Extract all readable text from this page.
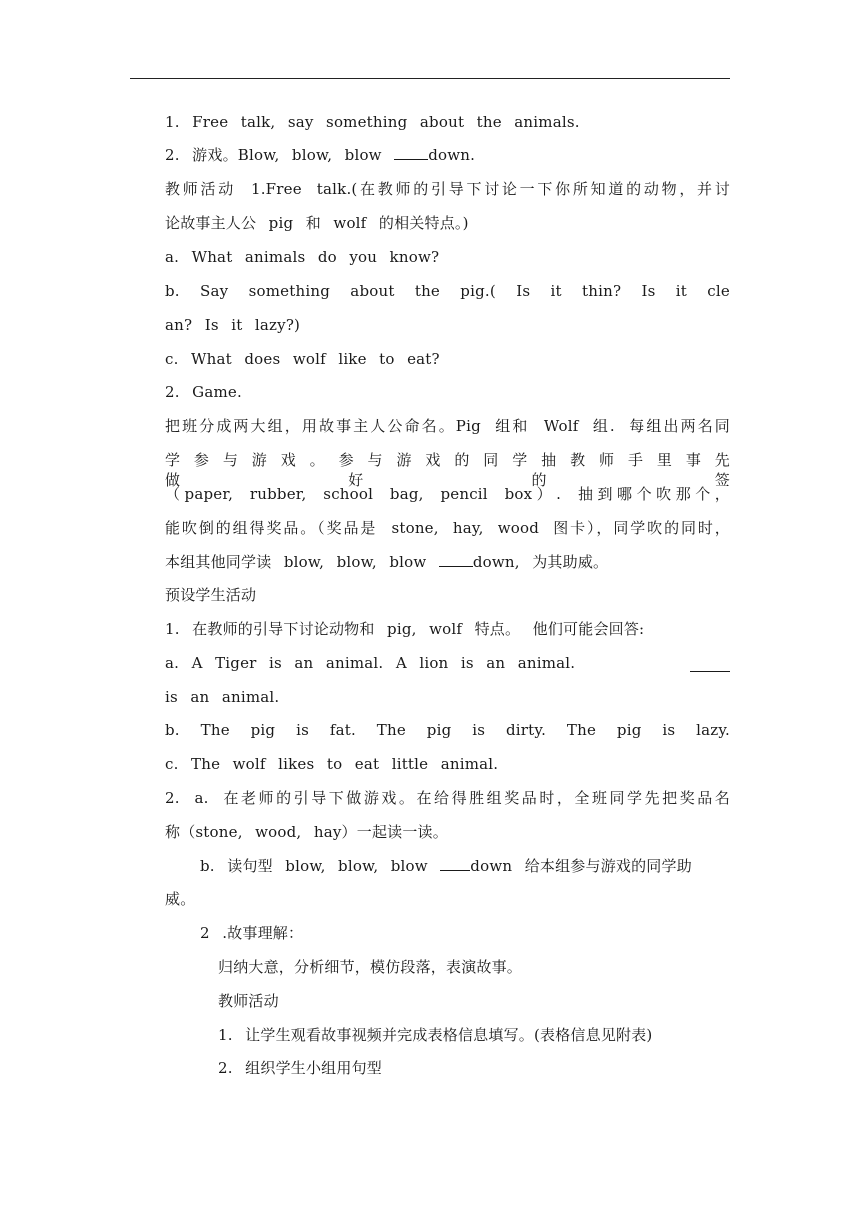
1. Free talk, say something about the animals.
2. 游戏。Blow, blow, blow down.
教师活动 1.Free talk.(在教师的引导下讨论一下你所知道的动物，并讨
论故事主人公 pig 和 wolf 的相关特点。)
a. What animals do you know?
b. Say something about the pig.( Is it thin? Is it cle
an? Is it lazy?)
c. What does wolf like to eat?
2. Game.
把班分成两大组，用故事主人公命名。Pig 组和 Wolf 组. 每组出两名同
学 参 与 游 戏 。 参 与 游 戏 的 同 学 抽 教 师 手 里 事 先 做 好 的 签
（paper, rubber, school bag, pencil box）. 抽到哪个吹那个，
能吹倒的组得奖品。（奖品是 stone, hay, wood 图卡），同学吹的同时，
本组其他同学读 blow, blow, blow down, 为其助威。
预设学生活动
1. 在教师的引导下讨论动物和 pig, wolf 特点。 他们可能会回答:
a. A Tiger is an animal. A lion is an animal.
is an animal.
b. The pig is fat. The pig is dirty. The pig is lazy.
c. The wolf likes to eat little animal.
2. a. 在老师的引导下做游戏。在给得胜组奖品时，全班同学先把奖品名
称（stone, wood, hay）一起读一读。
b. 读句型 blow, blow, blow down 给本组参与游戏的同学助
威。
2 .故事理解：
归纳大意，分析细节，模仿段落，表演故事。
教师活动
1. 让学生观看故事视频并完成表格信息填写。(表格信息见附表)
2. 组织学生小组用句型
